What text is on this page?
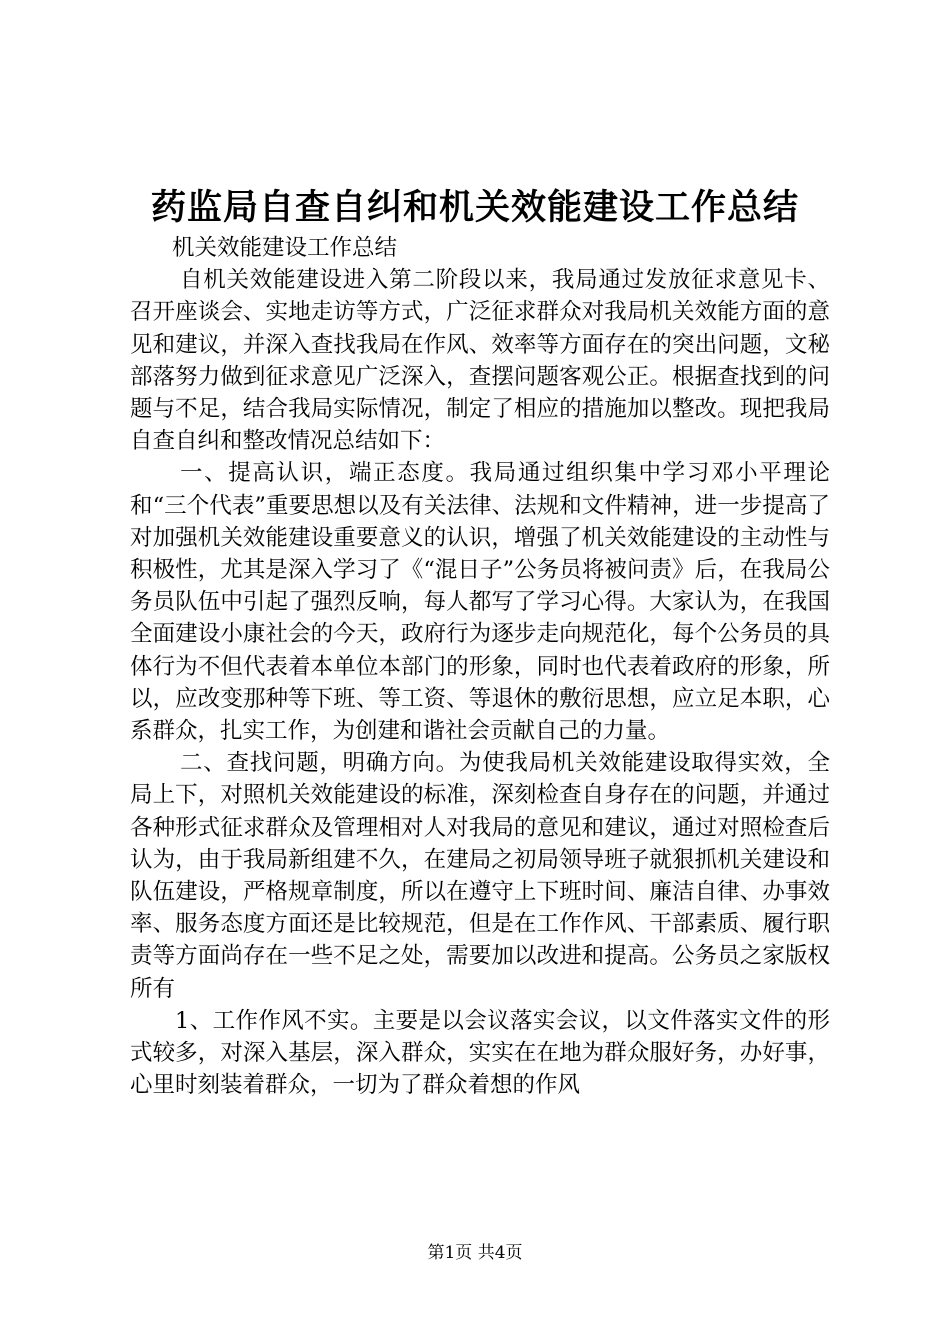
药监局自查自纠和机关效能建设工作总结

机关效能建设工作总结

自机关效能建设进入第二阶段以来，我局通过发放征求意见卡、召开座谈会、实地走访等方式，广泛征求群众对我局机关效能方面的意见和建议，并深入查找我局在作风、效率等方面存在的突出问题，文秘部落努力做到征求意见广泛深入，查摆问题客观公正。根据查找到的问题与不足，结合我局实际情况，制定了相应的措施加以整改。现把我局自查自纠和整改情况总结如下：

一、提高认识，端正态度。我局通过组织集中学习邓小平理论和“三个代表”重要思想以及有关法律、法规和文件精神，进一步提高了对加强机关效能建设重要意义的认识，增强了机关效能建设的主动性与积极性，尤其是深入学习了《“混日子”公务员将被问责》后，在我局公务员队伍中引起了强烈反响，每人都写了学习心得。大家认为，在我国全面建设小康社会的今天，政府行为逐步走向规范化，每个公务员的具体行为不但代表着本单位本部门的形象，同时也代表着政府的形象，所以，应改变那种等下班、等工资、等退休的敷衍思想，应立足本职，心系群众，扎实工作，为创建和谐社会贡献自己的力量。

二、查找问题，明确方向。为使我局机关效能建设取得实效，全局上下，对照机关效能建设的标准，深刻检查自身存在的问题，并通过各种形式征求群众及管理相对人对我局的意见和建议，通过对照检查后认为，由于我局新组建不久，在建局之初局领导班子就狠抓机关建设和队伍建设，严格规章制度，所以在遵守上下班时间、廉洁自律、办事效率、服务态度方面还是比较规范，但是在工作作风、干部素质、履行职责等方面尚存在一些不足之处，需要加以改进和提高。公务员之家版权所有

1、工作作风不实。主要是以会议落实会议，以文件落实文件的形式较多，对深入基层，深入群众，实实在在地为群众服好务，办好事，心里时刻装着群众，一切为了群众着想的作风

第1页 共4页
